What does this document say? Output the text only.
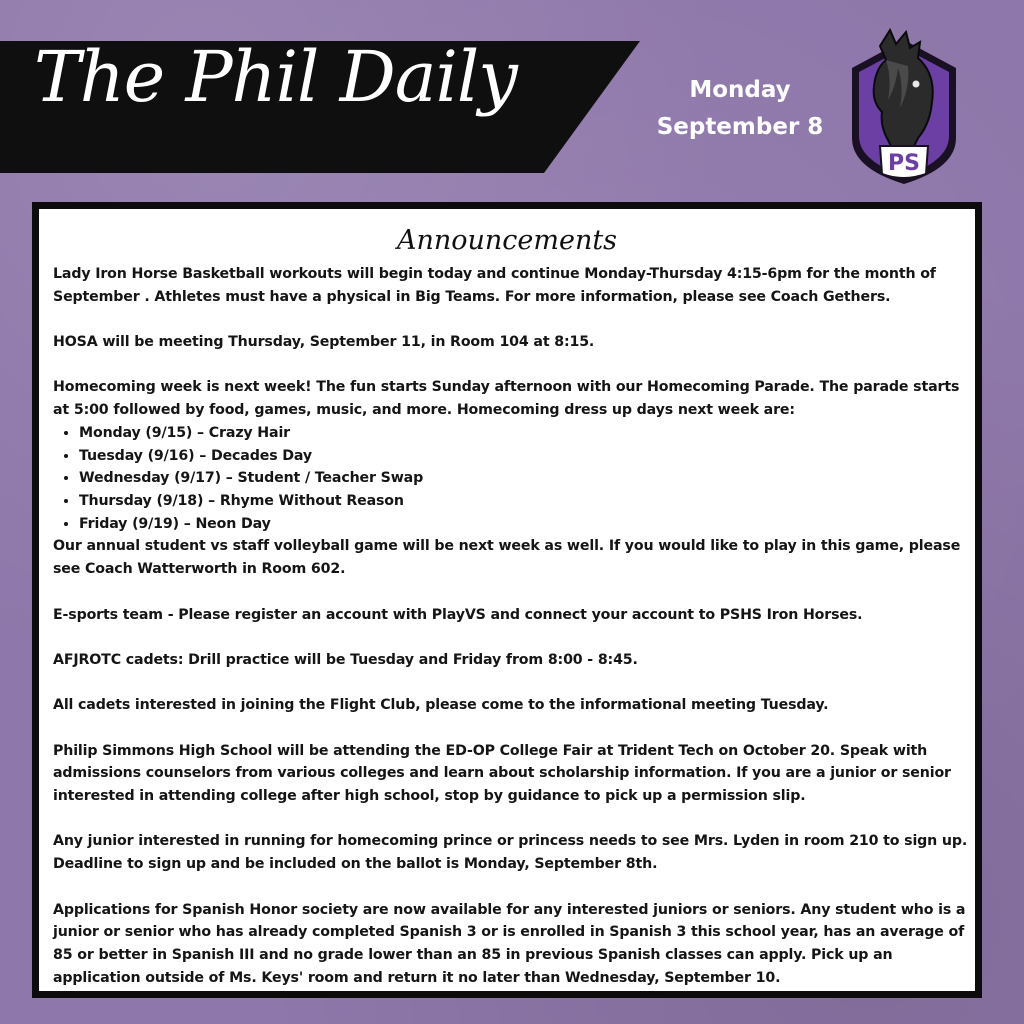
The Phil Daily	Monday
September 8
PS
Announcements

Lady Iron Horse Basketball workouts will begin today and continue Monday-Thursday 4:15-6pm for the month of September . Athletes must have a physical in Big Teams. For more information, please see Coach Gethers.

HOSA will be meeting Thursday, September 11, in Room 104 at 8:15.

Homecoming week is next week! The fun starts Sunday afternoon with our Homecoming Parade. The parade starts at 5:00 followed by food, games, music, and more. Homecoming dress up days next week are:

• Monday (9/15) – Crazy Hair
• Tuesday (9/16) – Decades Day
• Wednesday (9/17) – Student / Teacher Swap
• Thursday (9/18) – Rhyme Without Reason
• Friday (9/19) – Neon Day

Our annual student vs staff volleyball game will be next week as well. If you would like to play in this game, please see Coach Watterworth in Room 602.

E-sports team - Please register an account with PlayVS and connect your account to PSHS Iron Horses.

AFJROTC cadets: Drill practice will be Tuesday and Friday from 8:00 - 8:45.

All cadets interested in joining the Flight Club, please come to the informational meeting Tuesday.

Philip Simmons High School will be attending the ED-OP College Fair at Trident Tech on October 20. Speak with admissions counselors from various colleges and learn about scholarship information. If you are a junior or senior interested in attending college after high school, stop by guidance to pick up a permission slip.

Any junior interested in running for homecoming prince or princess needs to see Mrs. Lyden in room 210 to sign up. Deadline to sign up and be included on the ballot is Monday, September 8th.

Applications for Spanish Honor society are now available for any interested juniors or seniors. Any student who is a junior or senior who has already completed Spanish 3 or is enrolled in Spanish 3 this school year, has an average of 85 or better in Spanish III and no grade lower than an 85 in previous Spanish classes can apply. Pick up an application outside of Ms. Keys' room and return it no later than Wednesday, September 10.
